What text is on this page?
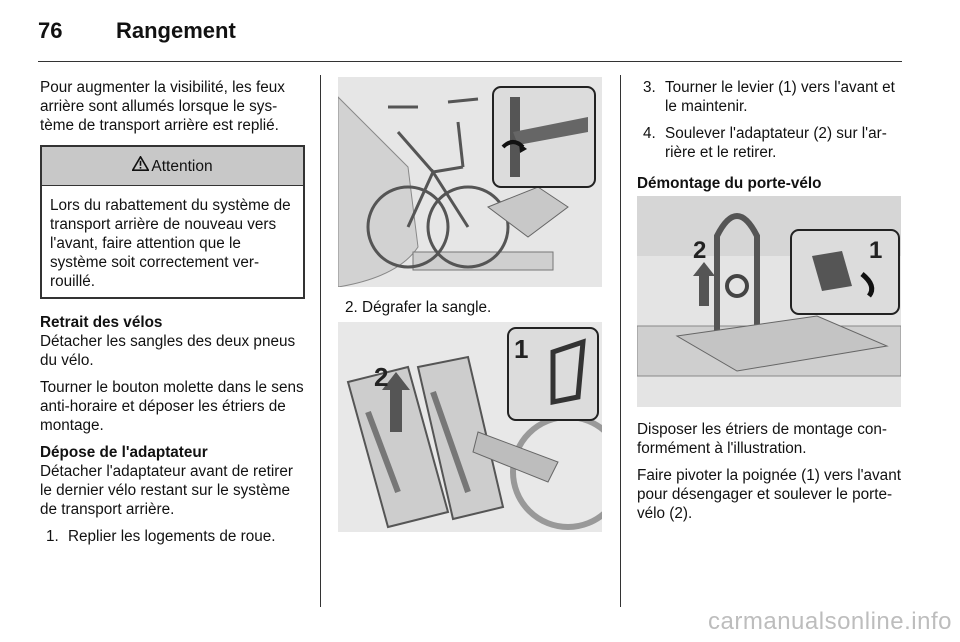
76 Rangement

Pour augmenter la visibilité, les feux arrière sont allumés lorsque le sys-tème de transport arrière est replié.

Attention
Lors du rabattement du système de transport arrière de nouveau vers l'avant, faire attention que le système soit correctement ver-rouillé.

Retrait des vélos
Détacher les sangles des deux pneus du vélo.

Tourner le bouton molette dans le sens anti-horaire et déposer les étriers de montage.

Dépose de l'adaptateur
Détacher l'adaptateur avant de retirer le dernier vélo restant sur le système de transport arrière.

1. Replier les logements de roue.
2. Dégrafer la sangle.
2
1
3. Tourner le levier (1) vers l'avant et le maintenir.
4. Soulever l'adaptateur (2) sur l'ar-rière et le retirer.

Démontage du porte-vélo

2	1

Disposer les étriers de montage con-formément à l'illustration.

Faire pivoter la poignée (1) vers l'avant pour désengager et soulever le porte-vélo (2).

carmanualsonline.info
